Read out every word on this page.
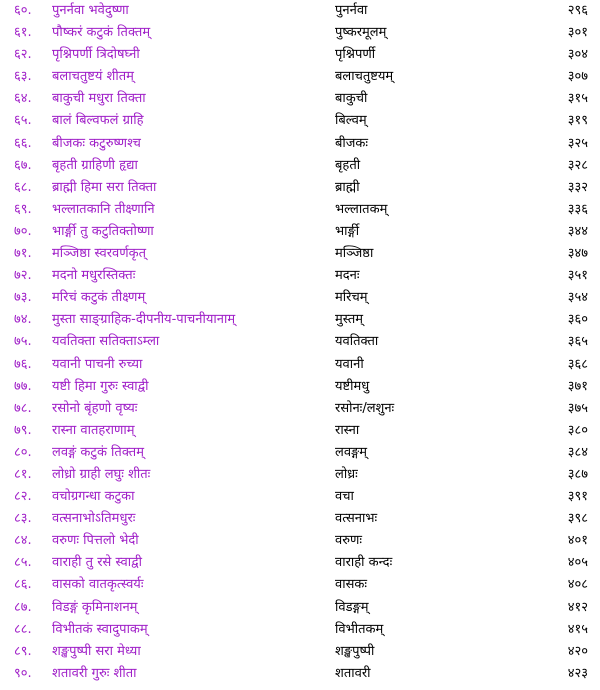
६०. पुनर्नवा भवेदुष्णा	पुनर्नवा	२९६
६१. पौष्करं कटुकं तिक्तम्	पुष्करमूलम्	३०१
६२. पृश्निपर्णी त्रिदोषघ्नी	पृश्निपर्णी	३०४
६३. बलाचतुष्टयं शीतम्	बलाचतुष्टयम्	३०७
६४. बाकुची मधुरा तिक्ता	बाकुची	३१५
६५. बालं बिल्वफलं ग्राहि	बिल्वम्	३१९
६६. बीजकः कटुरुष्णश्च	बीजकः	३२५
६७. बृहती ग्राहिणी हृद्या	बृहती	३२८
६८. ब्राह्मी हिमा सरा तिक्ता	ब्राह्मी	३३२
६९. भल्लातकानि तीक्ष्णानि	भल्लातकम्	३३६
७०. भार्ङ्गी तु कटुतिक्तोष्णा	भार्ङ्गी	३४४
७१. मञ्जिष्ठा स्वरवर्णकृत्	मञ्जिष्ठा	३४७
७२. मदनो मधुरस्तिक्तः	मदनः	३५१
७३. मरिचं कटुकं तीक्ष्णम्	मरिचम्	३५४
७४. मुस्ता साङ्ग्राहिक-दीपनीय-पाचनीयानाम्	मुस्तम्	३६०
७५. यवतिक्ता सतिक्ताऽम्ला	यवतिक्ता	३६५
७६. यवानी पाचनी रुच्या	यवानी	३६८
७७. यष्टी हिमा गुरुः स्वाद्वी	यष्टीमधु	३७१
७८. रसोनो बृंहणो वृष्यः	रसोनः/लशुनः	३७५
७९. रास्ना वातहराणाम्	रास्ना	३८०
८०. लवङ्गं कटुकं तिक्तम्	लवङ्गम्	३८४
८१. लोध्रो ग्राही लघुः शीतः	लोध्रः	३८७
८२. वचोग्रगन्धा कटुका	वचा	३९१
८३. वत्सनाभोऽतिमधुरः	वत्सनाभः	३९८
८४. वरुणः पित्तलो भेदी	वरुणः	४०१
८५. वाराही तु रसे स्वाद्वी	वाराही कन्दः	४०५
८६. वासको वातकृत्स्वर्यः	वासकः	४०८
८७. विडङ्गं कृमिनाशनम्	विडङ्गम्	४१२
८८. विभीतकं स्वादुपाकम्	विभीतकम्	४१५
८९. शङ्खपुष्पी सरा मेध्या	शङ्खपुष्पी	४२०
९०. शतावरी गुरुः शीता	शतावरी	४२३
